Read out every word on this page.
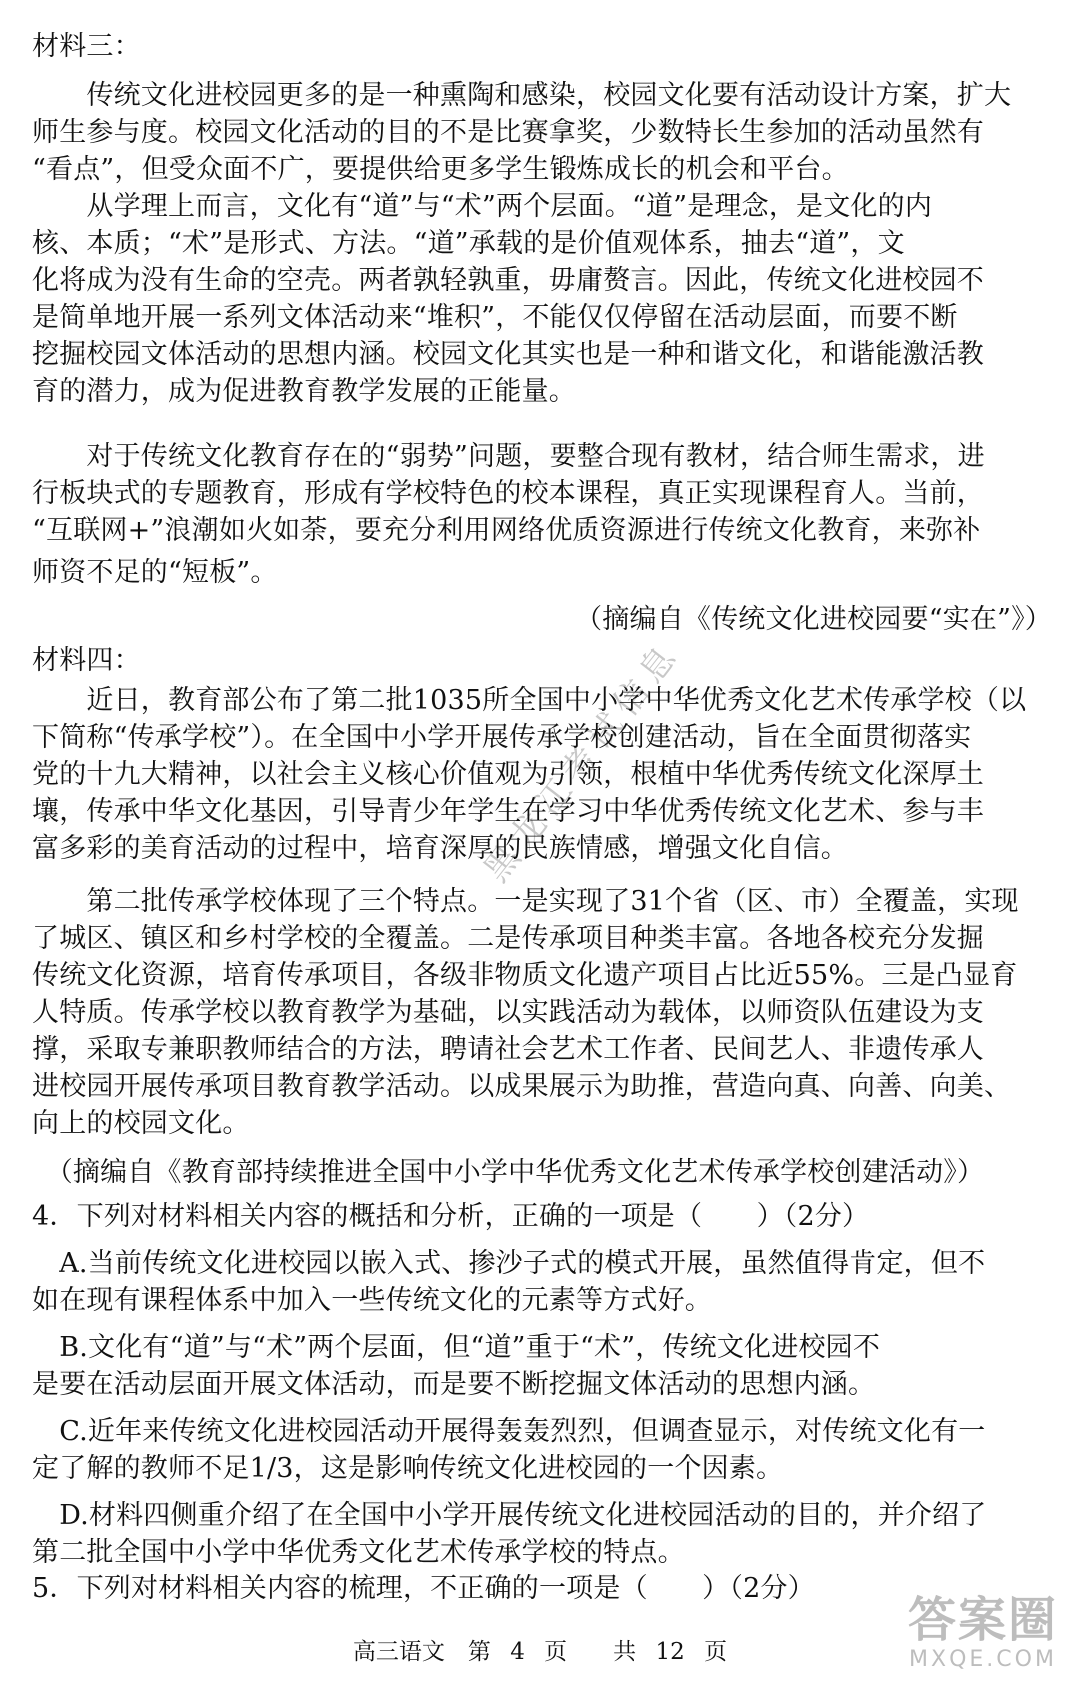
黑龙江考试信息
材料三：
　　传统文化进校园更多的是一种熏陶和感染，校园文化要有活动设计方案，扩大
师生参与度。校园文化活动的目的不是比赛拿奖，少数特长生参加的活动虽然有
“看点”，但受众面不广，要提供给更多学生锻炼成长的机会和平台。
　　从学理上而言，文化有“道”与“术”两个层面。“道”是理念，是文化的内
核、本质；“术”是形式、方法。“道”承载的是价值观体系，抽去“道”，文
化将成为没有生命的空壳。两者孰轻孰重，毋庸赘言。因此，传统文化进校园不
是简单地开展一系列文体活动来“堆积”，不能仅仅停留在活动层面，而要不断
挖掘校园文体活动的思想内涵。校园文化其实也是一种和谐文化，和谐能激活教
育的潜力，成为促进教育教学发展的正能量。
　　对于传统文化教育存在的“弱势”问题，要整合现有教材，结合师生需求，进
行板块式的专题教育，形成有学校特色的校本课程，真正实现课程育人。当前，
“互联网+”浪潮如火如荼，要充分利用网络优质资源进行传统文化教育，来弥补
师资不足的“短板”。
（摘编自《传统文化进校园要“实在”》）
材料四：
　　近日，教育部公布了第二批1035所全国中小学中华优秀文化艺术传承学校（以
下简称“传承学校”）。在全国中小学开展传承学校创建活动，旨在全面贯彻落实
党的十九大精神，以社会主义核心价值观为引领，根植中华优秀传统文化深厚土
壤，传承中华文化基因，引导青少年学生在学习中华优秀传统文化艺术、参与丰
富多彩的美育活动的过程中，培育深厚的民族情感，增强文化自信。
　　第二批传承学校体现了三个特点。一是实现了31个省（区、市）全覆盖，实现
了城区、镇区和乡村学校的全覆盖。二是传承项目种类丰富。各地各校充分发掘
传统文化资源，培育传承项目，各级非物质文化遗产项目占比近55%。三是凸显育
人特质。传承学校以教育教学为基础，以实践活动为载体，以师资队伍建设为支
撑，采取专兼职教师结合的方法，聘请社会艺术工作者、民间艺人、非遗传承人
进校园开展传承项目教育教学活动。以成果展示为助推，营造向真、向善、向美、
向上的校园文化。
　（摘编自《教育部持续推进全国中小学中华优秀文化艺术传承学校创建活动》）
4．下列对材料相关内容的概括和分析，正确的一项是（　　）（2分）
　A.当前传统文化进校园以嵌入式、掺沙子式的模式开展，虽然值得肯定，但不
如在现有课程体系中加入一些传统文化的元素等方式好。
　B.文化有“道”与“术”两个层面，但“道”重于“术”，传统文化进校园不
是要在活动层面开展文体活动，而是要不断挖掘文体活动的思想内涵。
　C.近年来传统文化进校园活动开展得轰轰烈烈，但调查显示，对传统文化有一
定了解的教师不足1/3，这是影响传统文化进校园的一个因素。
　D.材料四侧重介绍了在全国中小学开展传统文化进校园活动的目的，并介绍了
第二批全国中小学中华优秀文化艺术传承学校的特点。
5．下列对材料相关内容的梳理，不正确的一项是（　　）（2分）
高三语文　第 4 页　　共 12 页
答案圈
MXQE.COM
